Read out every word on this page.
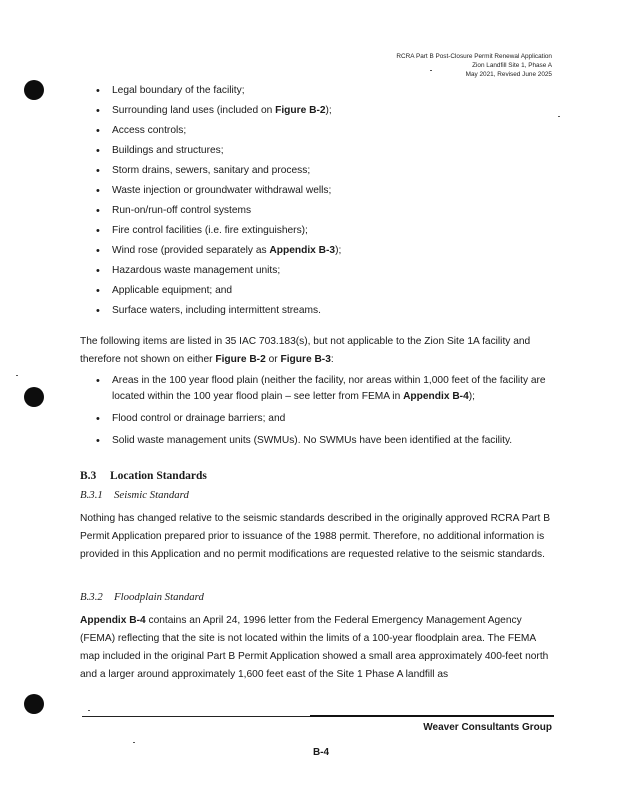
RCRA Part B Post-Closure Permit Renewal Application
Zion Landfill Site 1, Phase A
May 2021, Revised June 2025
• Legal boundary of the facility;
• Surrounding land uses (included on Figure B-2);
• Access controls;
• Buildings and structures;
• Storm drains, sewers, sanitary and process;
• Waste injection or groundwater withdrawal wells;
• Run-on/run-off control systems
• Fire control facilities (i.e. fire extinguishers);
• Wind rose (provided separately as Appendix B-3);
• Hazardous waste management units;
• Applicable equipment; and
• Surface waters, including intermittent streams.

The following items are listed in 35 IAC 703.183(s), but not applicable to the Zion Site 1A facility and therefore not shown on either Figure B-2 or Figure B-3:

• Areas in the 100 year flood plain (neither the facility, nor areas within 1,000 feet of the facility are located within the 100 year flood plain – see letter from FEMA in Appendix B-4);
• Flood control or drainage barriers; and
• Solid waste management units (SWMUs). No SWMUs have been identified at the facility.
B.3 Location Standards
B.3.1 Seismic Standard

Nothing has changed relative to the seismic standards described in the originally approved RCRA Part B Permit Application prepared prior to issuance of the 1988 permit. Therefore, no additional information is provided in this Application and no permit modifications are requested relative to the seismic standards.

B.3.2 Floodplain Standard

Appendix B-4 contains an April 24, 1996 letter from the Federal Emergency Management Agency (FEMA) reflecting that the site is not located within the limits of a 100-year floodplain area. The FEMA map included in the original Part B Permit Application showed a small area approximately 400-feet north and a larger around approximately 1,600 feet east of the Site 1 Phase A landfill as

Weaver Consultants Group
B-4
